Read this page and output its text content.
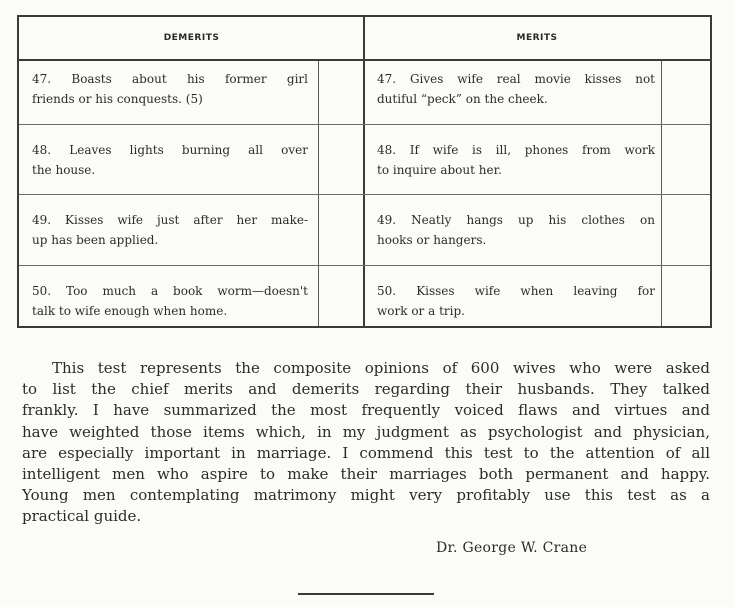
DEMERITS	MERITS
47. Boasts about his former girl
friends or his conquests. (5)
47. Gives wife real movie kisses not
dutiful “peck” on the cheek.
48. Leaves lights burning all over
the house.
48. If wife is ill, phones from work
to inquire about her.
49. Kisses wife just after her make-
up has been applied.
49. Neatly hangs up his clothes on
hooks or hangers.
50. Too much a book worm—doesn't
talk to wife enough when home.
50. Kisses wife when leaving for
work or a trip.
This test represents the composite opinions of 600 wives who were asked
to list the chief merits and demerits regarding their husbands. They talked
frankly. I have summarized the most frequently voiced flaws and virtues and
have weighted those items which, in my judgment as psychologist and physician,
are especially important in marriage. I commend this test to the attention of all
intelligent men who aspire to make their marriages both permanent and happy.
Young men contemplating matrimony might very profitably use this test as a
practical guide.
Dr. George W. Crane
